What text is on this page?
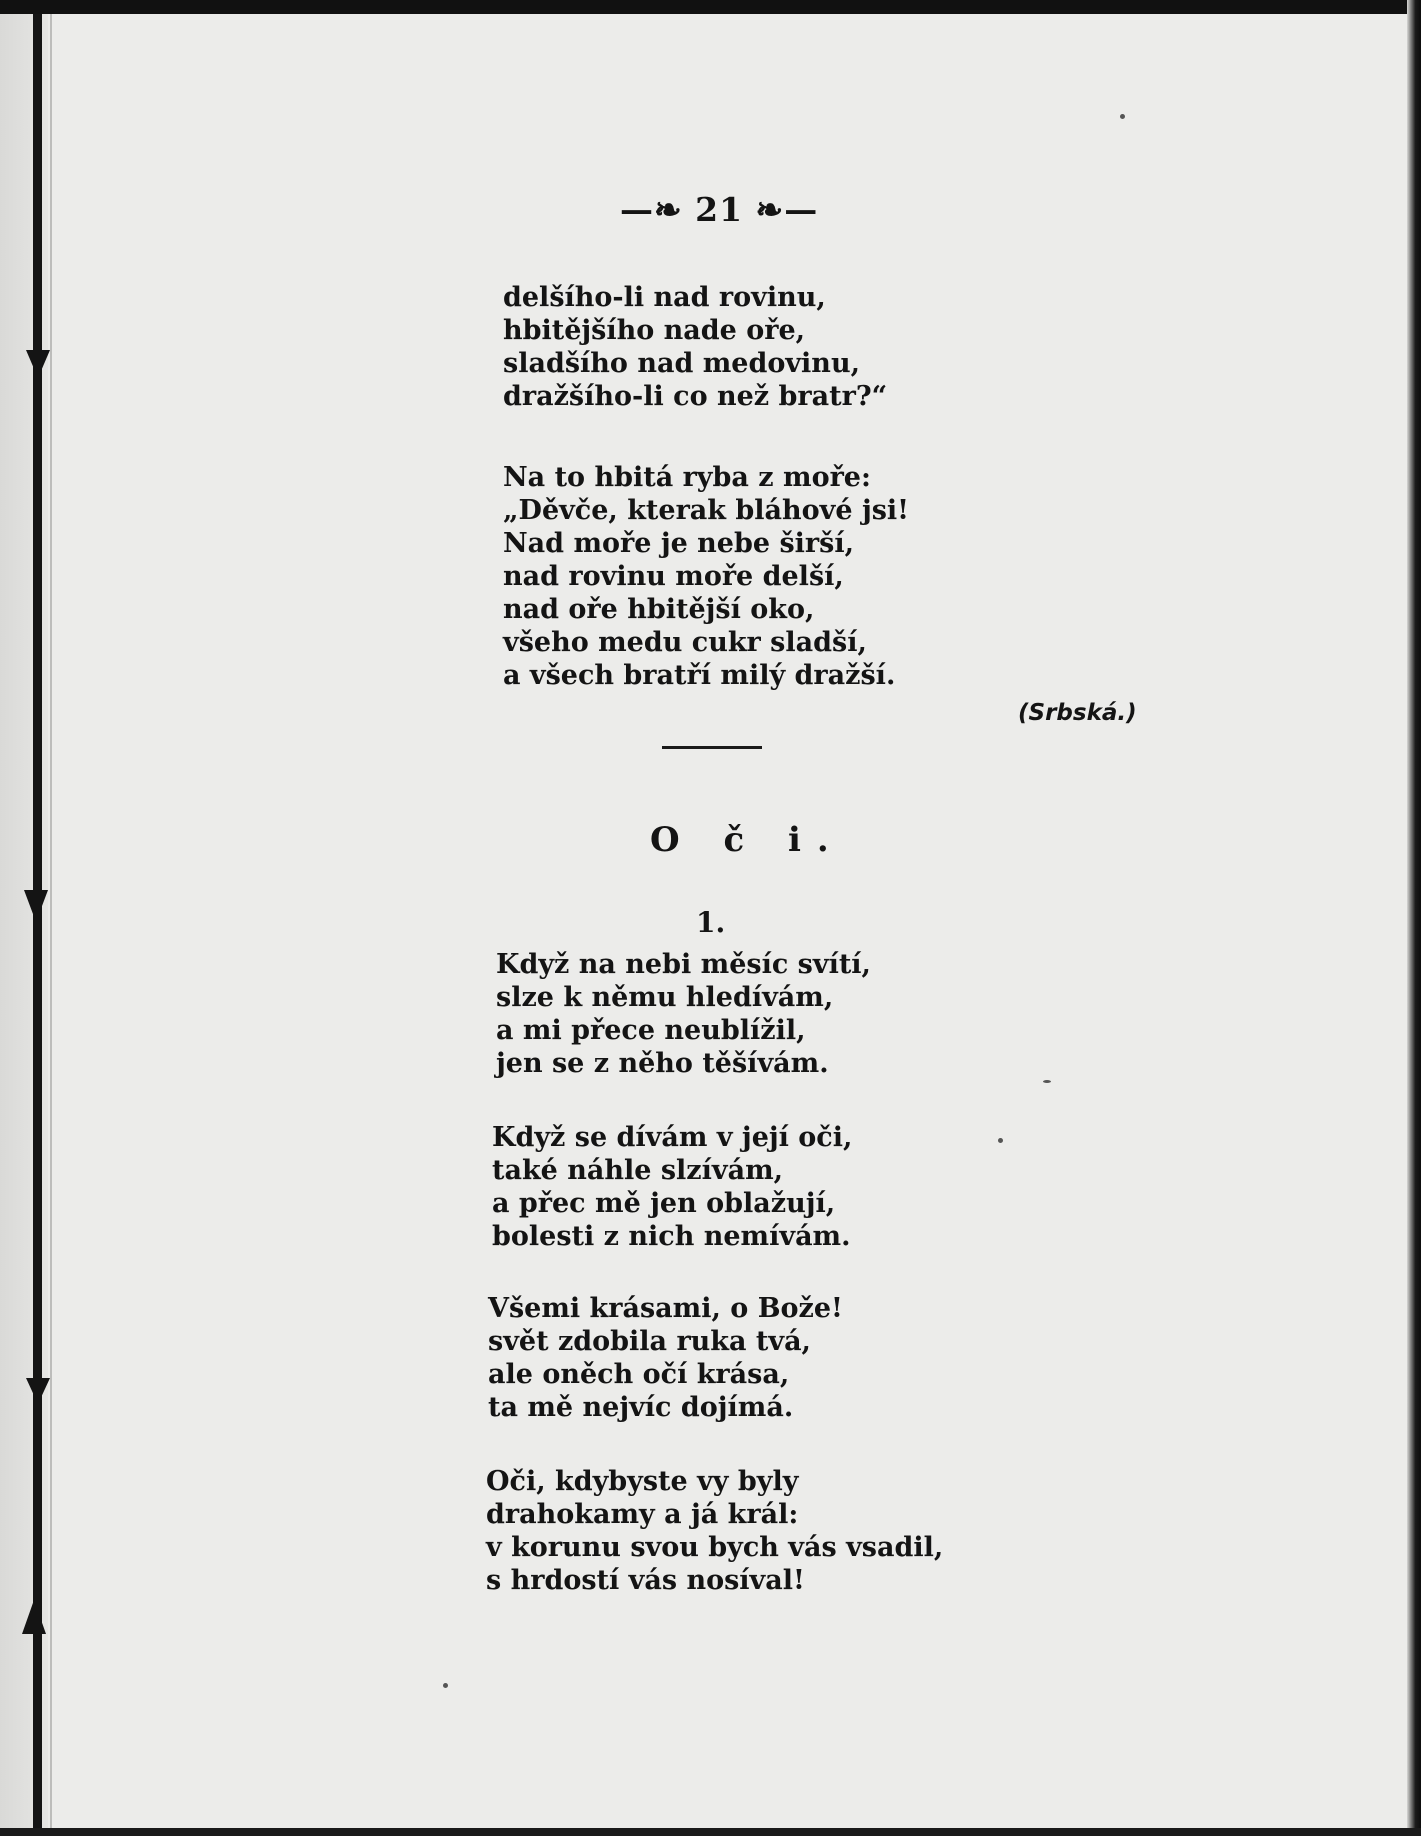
—❧ 21 ❧—
delšího-li nad rovinu,
hbitějšího nade oře,
sladšího nad medovinu,
dražšího-li co než bratr?“
Na to hbitá ryba z moře:
„Děvče, kterak bláhové jsi!
Nad moře je nebe širší,
nad rovinu moře delší,
nad oře hbitější oko,
všeho medu cukr sladší,
a všech bratří milý dražší.
(Srbská.)
O č i.
1.
Když na nebi měsíc svítí,
slze k němu hledívám,
a mi přece neublížil,
jen se z něho těšívám.
Když se dívám v její oči,
také náhle slzívám,
a přec mě jen oblažují,
bolesti z nich nemívám.
Všemi krásami, o Bože!
svět zdobila ruka tvá,
ale oněch očí krása,
ta mě nejvíc dojímá.
Oči, kdybyste vy byly
drahokamy a já král:
v korunu svou bych vás vsadil,
s hrdostí vás nosíval!
